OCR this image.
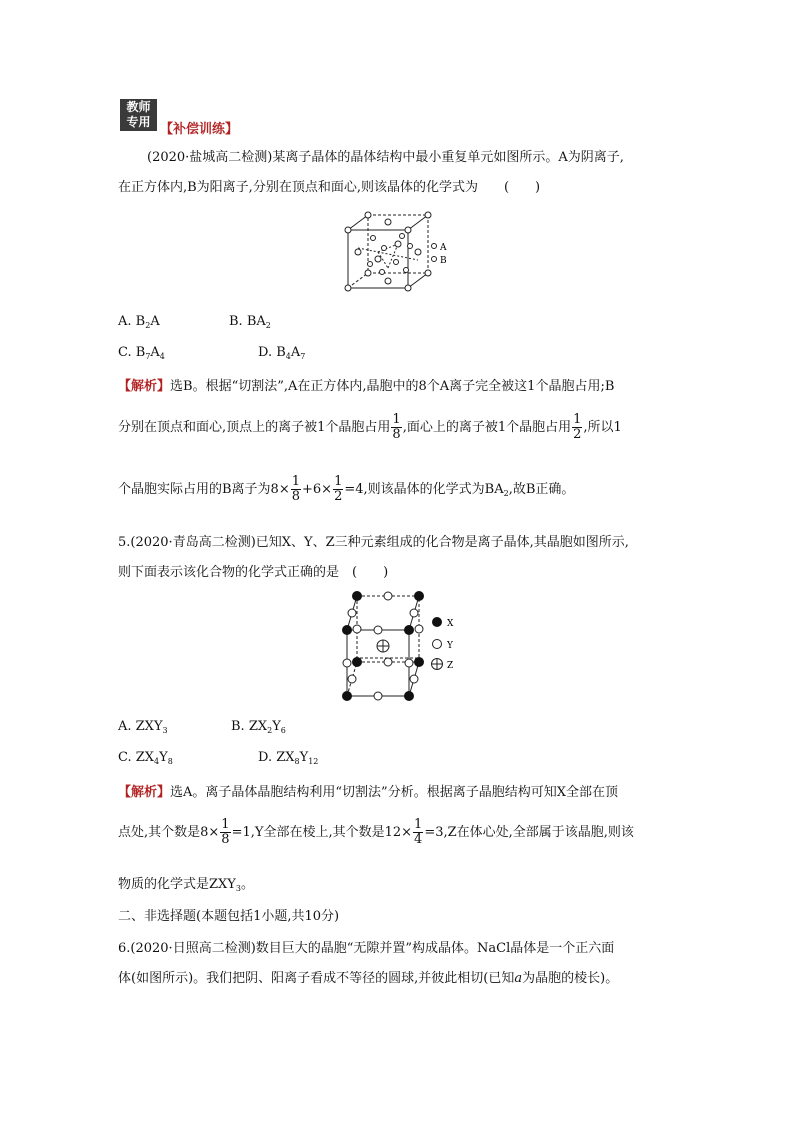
教师
专用 【补偿训练】
(2020·盐城高二检测)某离子晶体的晶体结构中最小重复单元如图所示。A为阴离子,
在正方体内,B为阳离子,分别在顶点和面心,则该晶体的化学式为　　(　　)
A
B
A. $B_2A$	B. $BA_2$
C. $B_7A_4$	D. $B_4A_7$
【解析】选B。根据“切割法”,A在正方体内,晶胞中的8个A离子完全被这1个晶胞占用;B
分别在顶点和面心,顶点上的离子被1个晶胞占用 $\frac{1}{8}$ ,面心上的离子被1个晶胞占用 $\frac{1}{2}$ ,所以1
个晶胞实际占用的B离子为$8\times \frac{1}{8} +6\times \frac{1}{2} =4$,则该晶体的化学式为$BA_2$,故B正确。
5.(2020·青岛高二检测)已知X、Y、Z三种元素组成的化合物是离子晶体,其晶胞如图所示,
则下面表示该化合物的化学式正确的是　(　　)
X
Y
Z
A. $ZXY_3$	B. $ZX_2Y_6$
C. $ZX_4Y_8$	D. $ZX_8Y_{12}$
【解析】选A。离子晶体晶胞结构利用“切割法”分析。根据离子晶胞结构可知X全部在顶
点处,其个数是$8\times \frac{1}{8} =1,Y$全部在棱上,其个数是$12\times \frac{1}{4} =3,Z$在体心处,全部属于该晶胞,则该
物质的化学式是$ZXY_3$。
二、非选择题(本题包括1小题,共10分)
6.(2020·日照高二检测)数目巨大的晶胞“无隙并置”构成晶体。NaCl晶体是一个正六面
体(如图所示)。我们把阴、阳离子看成不等径的圆球,并彼此相切(已知a为晶胞的棱长)。
